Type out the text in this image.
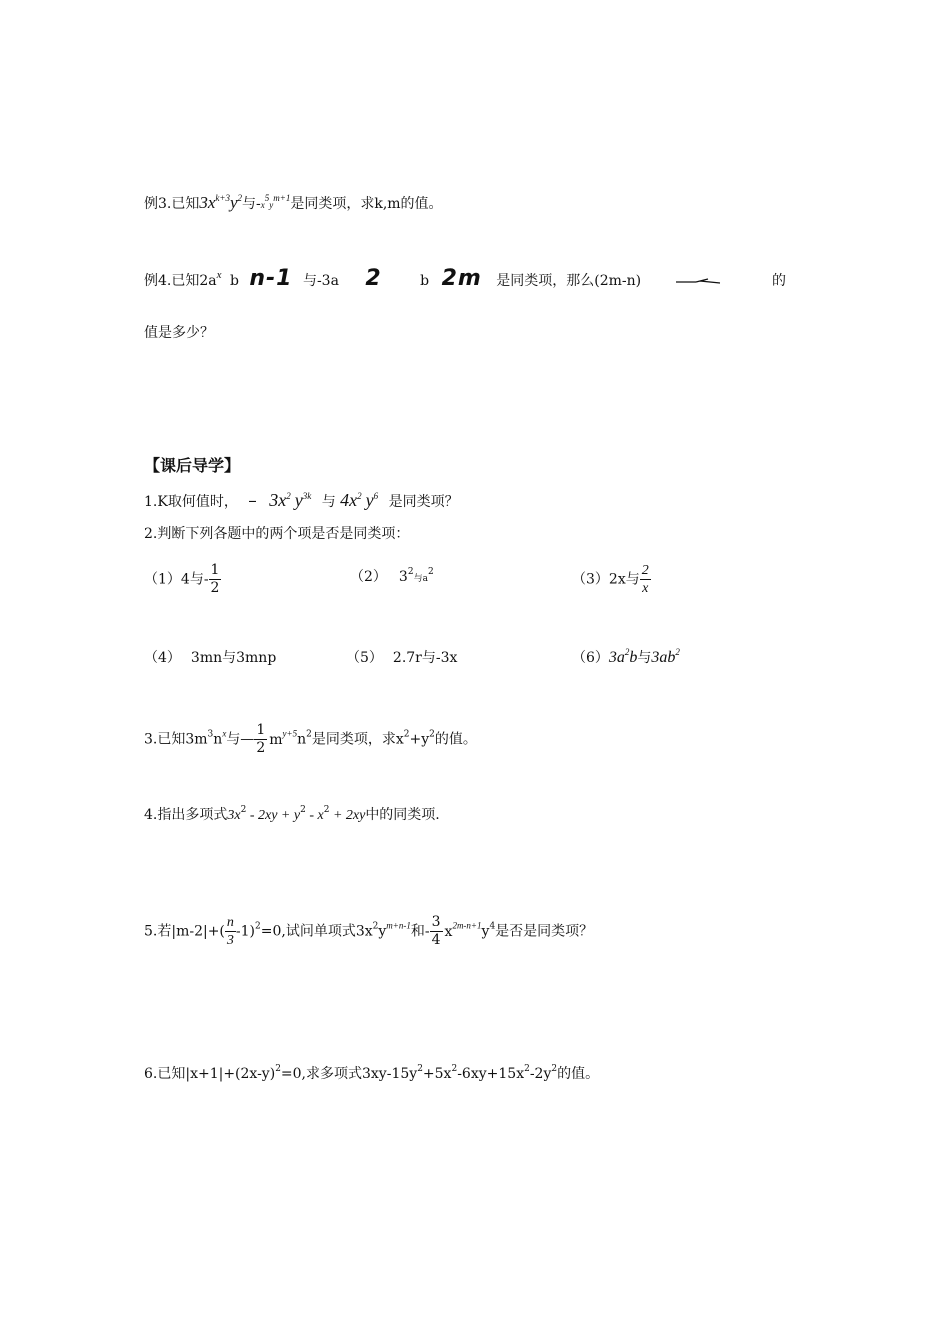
例3.已知$3x^{k+3}y^2$与$-x^5y^{m+1}$是同类项，求k,m的值。
例4.已知$2a^x$ b n-1 与-3a 2	b 2m 是同类项，那么(2m-n)	的
值是多少？
【课后导学】
1.K取何值时， – $3x^2$ $y^{3k}$ 与 $4x^2$ $y^6$ 是同类项？
2.判断下列各题中的两个项是否是同类项：
（1）4与- $\frac{1}{2}$	（2） $3^2$与$a^2$	（3）2x与 $\frac{2}{x}$
（4） 3mn与3mnp	（5） 2.7r与-3x	$(6)3a^2b$与$3ab^2$
3.已知$3m^3n^x$与— $\frac{1}{2} m^{y+5}n^2$是同类项，求$x^2+y^2$的值。
4.指出多项式$3x^2 - 2xy + y^2 - x^2 + 2xy$中的同类项.
5.若$|m-2|+( \frac{n}{3} -1)^2=0$,试问单项式$3x^2y^{m+n-1}$和- $\frac{3}{4} x^{2m-n+1}y^4$是否是同类项？
6.已知$|x+1|+(2x-y)^2=0$,求多项式$3xy-15y^2+5x^2-6xy+15x^2-2y^2$的值。
